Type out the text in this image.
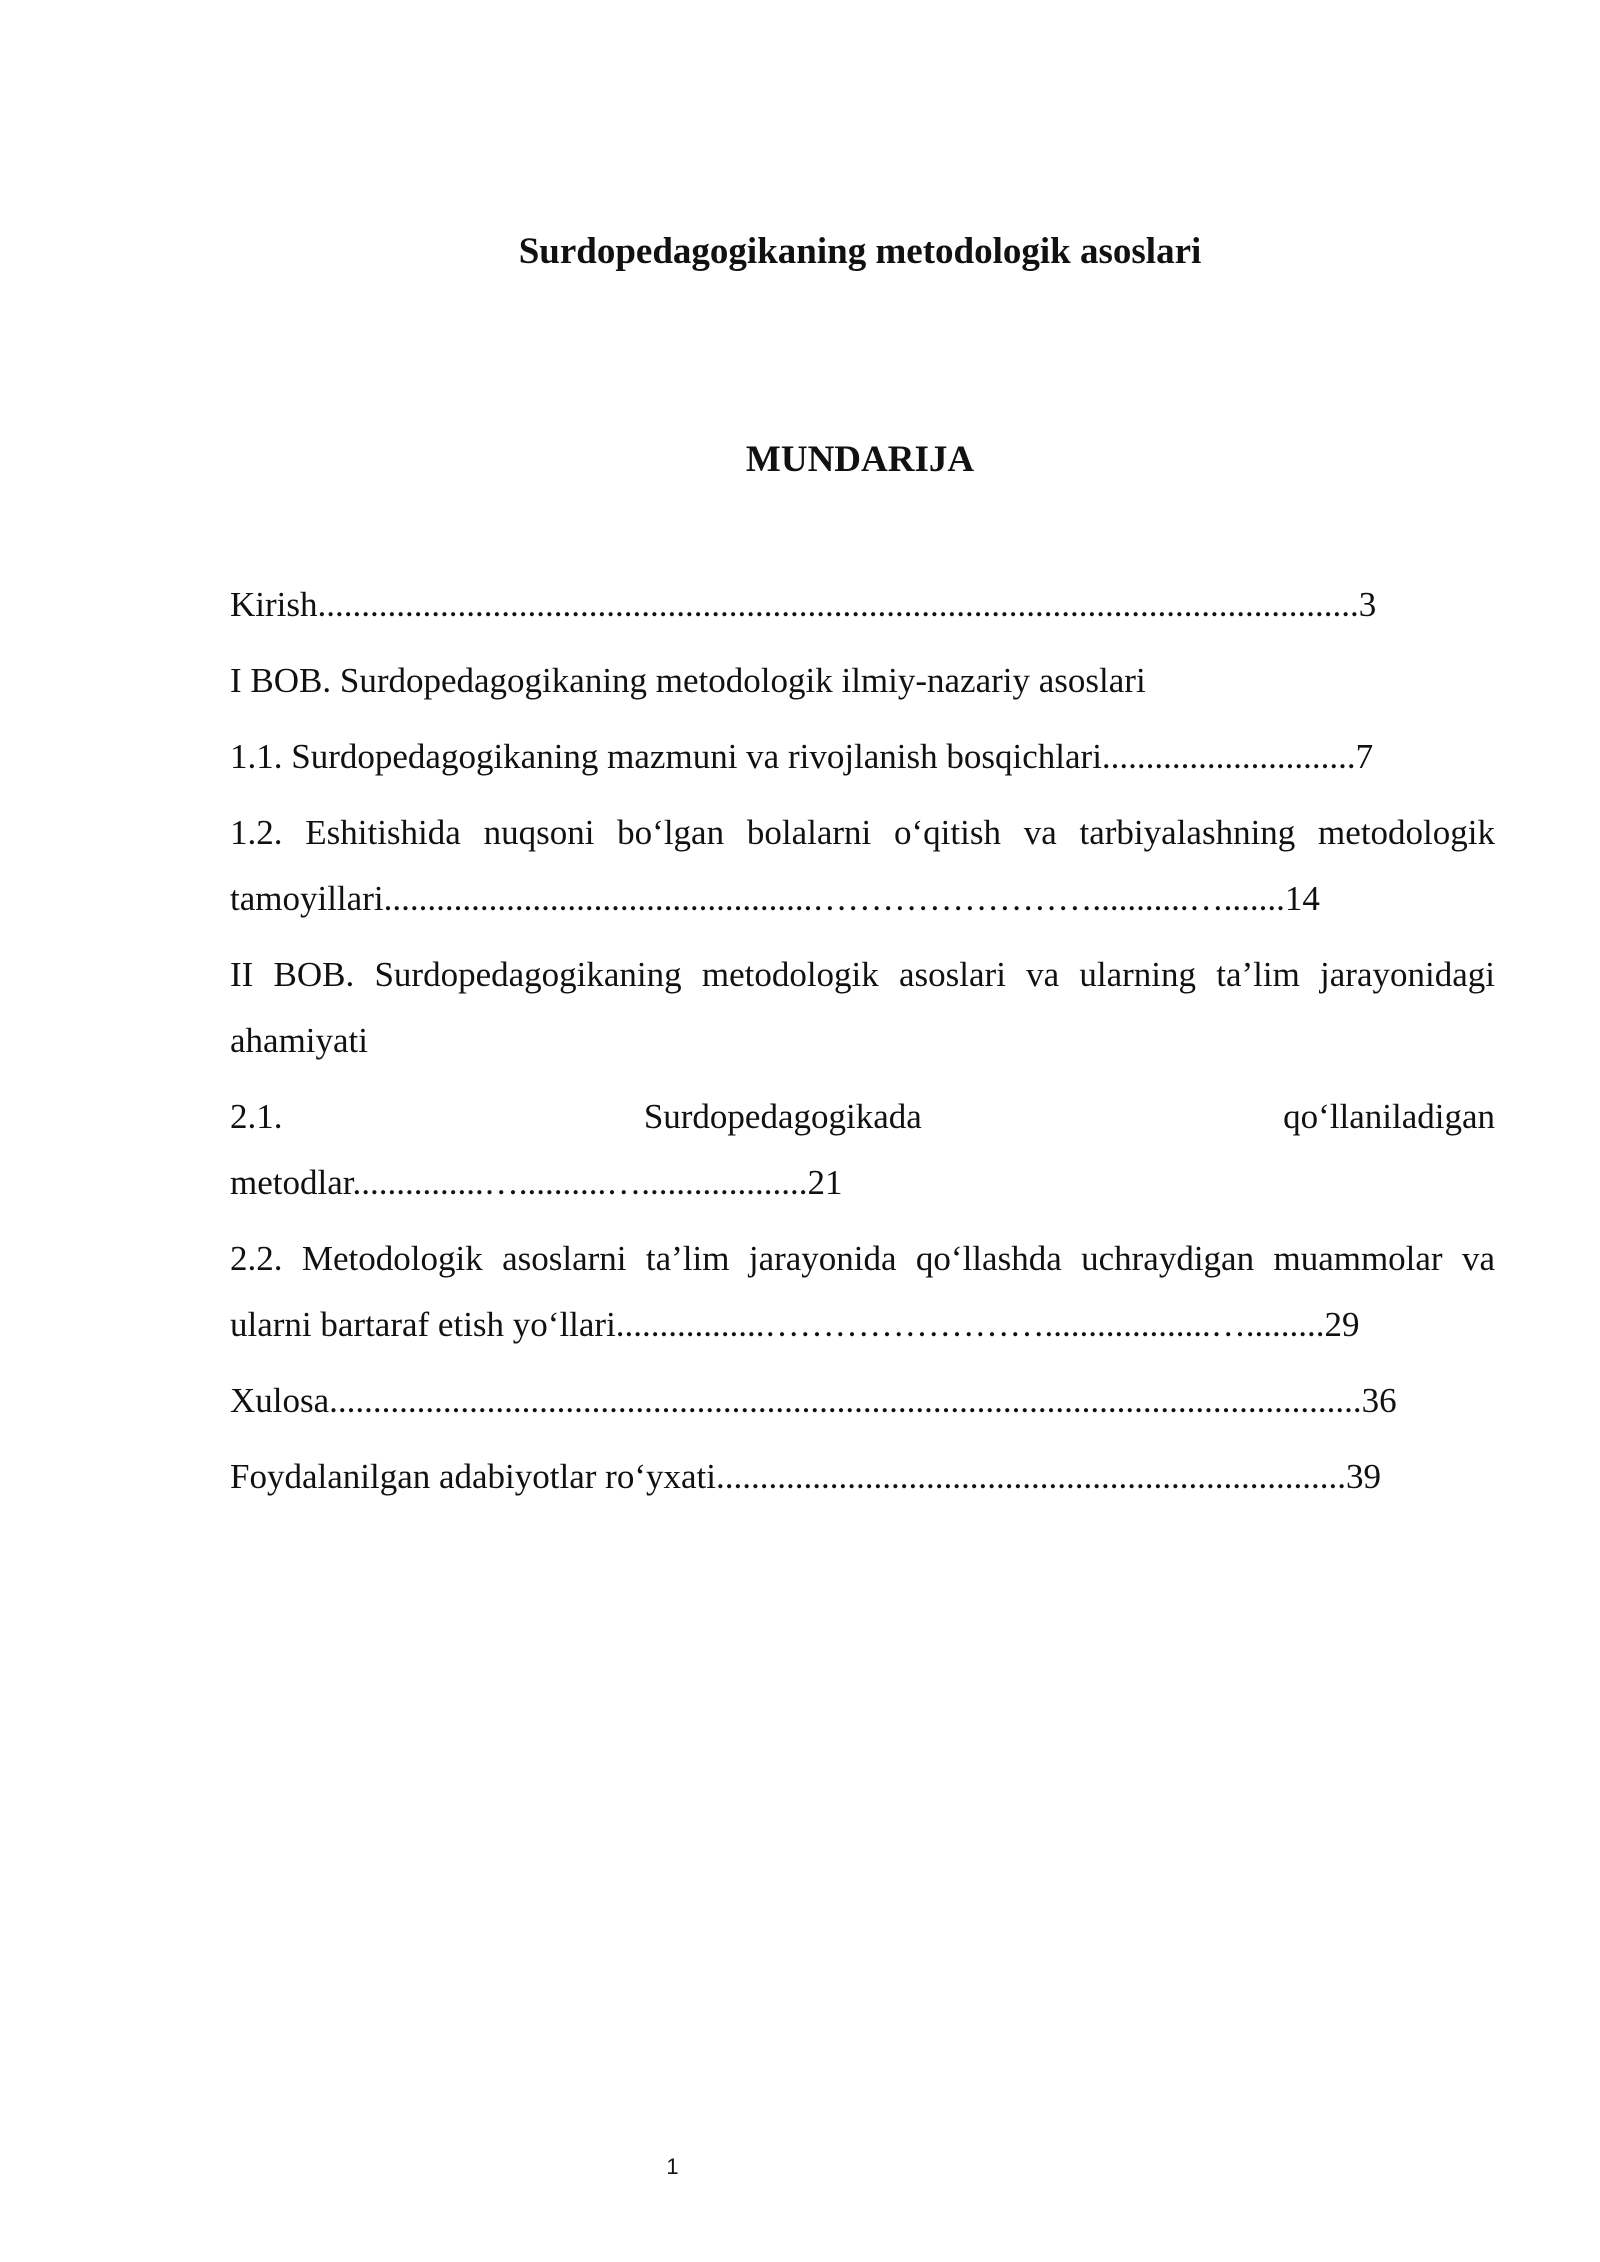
Surdopedagogikaning metodologik asoslari
MUNDARIJA
Kirish.......................................................................................................................3
I BOB. Surdopedagogikaning metodologik ilmiy-nazariy asoslari
1.1. Surdopedagogikaning mazmuni va rivojlanish bosqichlari.............................7
1.2. Eshitishida nuqsoni bo‘lgan bolalarni o‘qitish va tarbiyalashning metodologik
tamoyillari.................................................……………………...........….......14
II BOB. Surdopedagogikaning metodologik asoslari va ularning ta’lim jarayonidagi
ahamiyati
2.1.	Surdopedagogikada	qo‘llaniladigan
metodlar...............…..........…...................21
2.2. Metodologik asoslarni ta’lim jarayonida qo‘llashda uchraydigan muammolar va
ularni bartaraf etish yo‘llari.................……………………...................….........29
Xulosa......................................................................................................................36
Foydalanilgan adabiyotlar ro‘yxati........................................................................39
1
